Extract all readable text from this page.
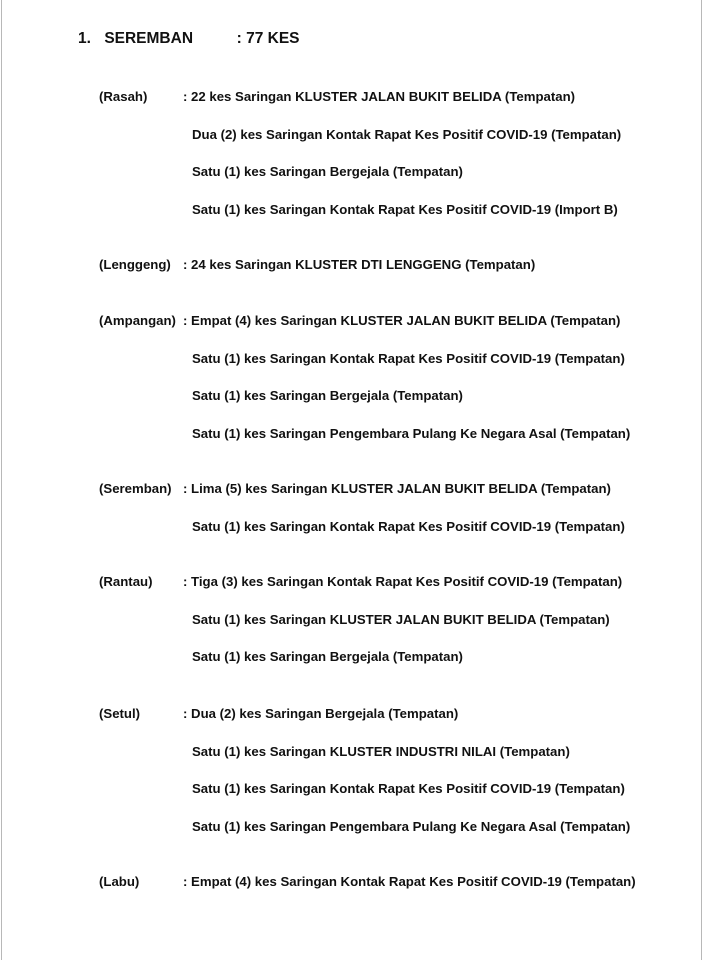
1. SEREMBAN	: 77 KES
(Rasah)	: 22 kes Saringan KLUSTER JALAN BUKIT BELIDA (Tempatan)
Dua (2) kes Saringan Kontak Rapat Kes Positif COVID-19 (Tempatan)
Satu (1) kes Saringan Bergejala (Tempatan)
Satu (1) kes Saringan Kontak Rapat Kes Positif COVID-19 (Import B)
(Lenggeng) : 24 kes Saringan KLUSTER DTI LENGGENG (Tempatan)
(Ampangan) : Empat (4) kes Saringan KLUSTER JALAN BUKIT BELIDA (Tempatan)
Satu (1) kes Saringan Kontak Rapat Kes Positif COVID-19 (Tempatan)
Satu (1) kes Saringan Bergejala (Tempatan)
Satu (1) kes Saringan Pengembara Pulang Ke Negara Asal (Tempatan)
(Seremban) : Lima (5) kes Saringan KLUSTER JALAN BUKIT BELIDA (Tempatan)
Satu (1) kes Saringan Kontak Rapat Kes Positif COVID-19 (Tempatan)
(Rantau) : Tiga (3) kes Saringan Kontak Rapat Kes Positif COVID-19 (Tempatan)
Satu (1) kes Saringan KLUSTER JALAN BUKIT BELIDA (Tempatan)
Satu (1) kes Saringan Bergejala (Tempatan)
(Setul)	: Dua (2) kes Saringan Bergejala (Tempatan)
Satu (1) kes Saringan KLUSTER INDUSTRI NILAI (Tempatan)
Satu (1) kes Saringan Kontak Rapat Kes Positif COVID-19 (Tempatan)
Satu (1) kes Saringan Pengembara Pulang Ke Negara Asal (Tempatan)
(Labu)	: Empat (4) kes Saringan Kontak Rapat Kes Positif COVID-19 (Tempatan)
